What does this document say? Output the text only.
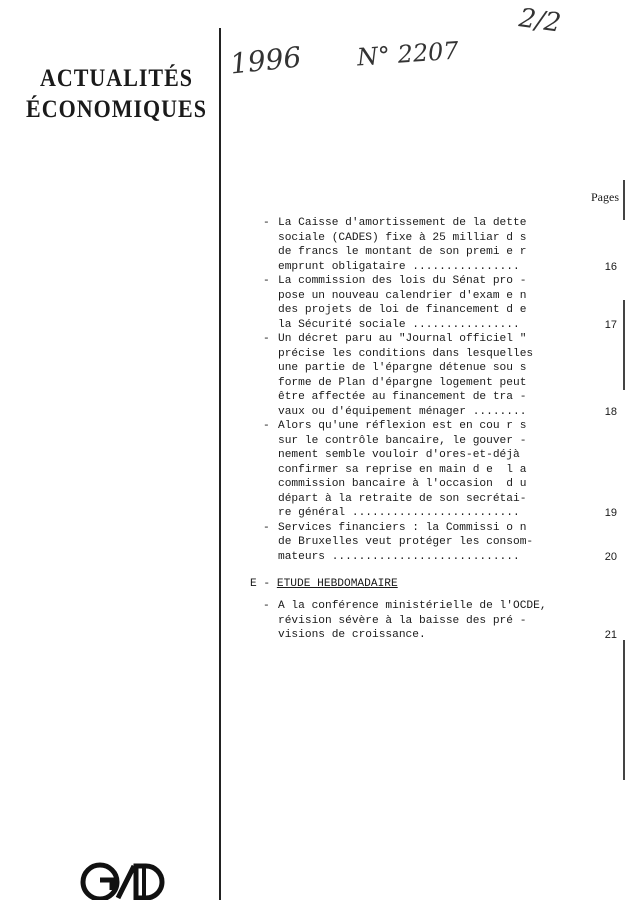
ACTUALITÉS
ÉCONOMIQUES
1996 N° 2207
2/2
Pages
- La Caisse d'amortissement de la dette
sociale (CADES) fixe à 25 milliar d s
de francs le montant de son premi e r
emprunt obligataire ................
- La commission des lois du Sénat pro -
pose un nouveau calendrier d'exam e n
des projets de loi de financement d e
la Sécurité sociale ................
- Un décret paru au "Journal officiel "
précise les conditions dans lesquelles
une partie de l'épargne détenue sou s
forme de Plan d'épargne logement peut
être affectée au financement de tra -
vaux ou d'équipement ménager ........
- Alors qu'une réflexion est en cou r s
sur le contrôle bancaire, le gouver -
nement semble vouloir d'ores-et-déjà
confirmer sa reprise en main d e  l a
commission bancaire à l'occasion  d u
départ à la retraite de son secrétai-
re général .........................
- Services financiers : la Commissi o n
de Bruxelles veut protéger les consom-
mateurs ............................
E - ETUDE HEBDOMADAIRE
- A la conférence ministérielle de l'OCDE,
révision sévère à la baisse des pré -
visions de croissance.
16
17
18
19
20
21
